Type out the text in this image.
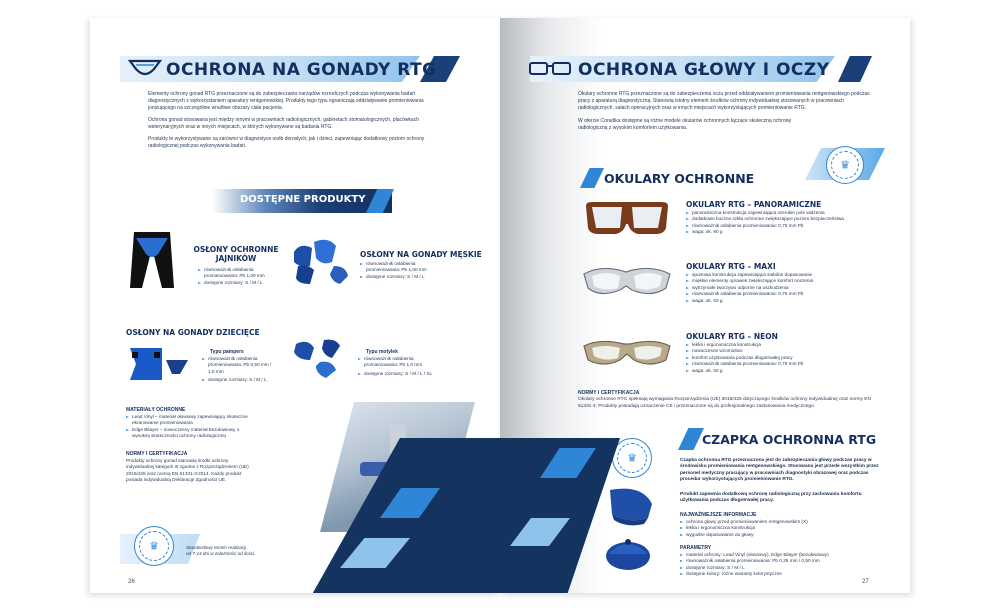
OCHRONA NA GONADY RTG
Elementy ochrony gonad RTG przeznaczone są do zabezpieczania narządów rozrodczych podczas wykonywania badań diagnostycznych z wykorzystaniem aparatury rentgenowskiej. Produkty tego typu ograniczają oddziaływanie promieniowania jonizującego na szczególnie wrażliwe obszary ciała pacjenta.
Ochrona gonad stosowana jest między innymi w pracowniach radiologicznych, gabinetach stomatologicznych, placówkach weterynaryjnych oraz w innych miejscach, w których wykonywane są badania RTG.
Produkty te wykorzystywane są zarówno w diagnostyce osób dorosłych, jak i dzieci, zapewniając dodatkowy poziom ochrony radiologicznej podczas wykonywania badań.
DOSTĘPNE PRODUKTY
OSŁONY OCHRONNE
JAJNIKÓW
równoważnik osłabienia promieniowania: Pb 1,00 mm
dostępne rozmiary: S / M / L
OSŁONY NA GONADY MĘSKIE
równoważnik osłabienia promieniowania: Pb 1,00 mm
dostępne rozmiary: S / M / L
OSŁONY NA GONADY DZIECIĘCE
Typu pampers
równoważnik osłabienia promieniowania: Pb 0,50 mm / 1,0 mm
dostępne rozmiary: S / M / L
Typu motylek
równoważnik osłabienia promieniowania: Pb 1,0 mm
dostępne rozmiary: S / M / L / XL
MATERIAŁY OCHRONNE
Lead Vinyl – materiał ołowiowy zapewniający skuteczne ekranowanie promieniowania
Edge Bilayer – nowoczesny materiał bezołowiowy o wysokiej skuteczności ochrony radiologicznej
NORMY I CERTYFIKACJA
Produkty ochrony gonad stanowią środki ochrony indywidualnej kategorii III zgodne z Rozporządzeniem (UE) 2016/425 oraz normą EN 61331-3:2014. Każdy produkt posiada indywidualną Deklarację Zgodności UE.
♛	Standardowy termin realizacji
od 7-14 dni w zależności od ilości.
26
OCHRONA GŁOWY I OCZY
Okulary ochronne RTG przeznaczone są do zabezpieczenia oczu przed oddziaływaniem promieniowania rentgenowskiego podczas pracy z aparaturą diagnostyczną. Stanowią istotny element środków ochrony indywidualnej stosowanych w pracowniach radiologicznych, salach operacyjnych oraz w innych miejscach wykorzystujących promieniowanie RTG.
W ofercie Coradika dostępne są różne modele okularów ochronnych łączące skuteczną ochronę radiologiczną z wysokim komfortem użytkowania.
♛
OKULARY OCHRONNE
OKULARY RTG – PANORAMICZNE
panoramiczna konstrukcja zapewniająca szerokie pole widzenia
dodatkowe boczne szkła ochronne zwiększające poziom bezpieczeństwa
równoważnik osłabienia promieniowania: 0,75 mm Pb
waga: ok. 90 g
OKULARY RTG – MAXI
sportowa konstrukcja zapewniająca stabilne dopasowanie
miękkie elementy oprawek zwiększające komfort noszenia
wytrzymałe tworzywo odporne na uszkodzenia
równoważnik osłabienia promieniowania: 0,75 mm Pb
waga: ok. 63 g
OKULARY RTG – NEON
lekka i ergonomiczna konstrukcja
nowoczesne wzornictwo
komfort użytkowania podczas długotrwałej pracy
równoważnik osłabienia promieniowania: 0,75 mm Pb
waga: ok. 60 g
NORMY I CERTYFIKACJA
Okulary ochronne RTG spełniają wymagania Rozporządzenia (UE) 2016/425 dotyczącego środków ochrony indywidualnej oraz normy EN 61331-3. Produkty posiadają oznaczenie CE i przeznaczone są do profesjonalnego zastosowania medycznego.
CZAPKA OCHRONNA RTG
♛	Czapka ochronna RTG przeznaczona jest do zabezpieczania głowy podczas pracy w środowisku promieniowania rentgenowskiego. Stosowana jest przede wszystkim przez personel medyczny pracujący w pracowniach diagnostyki obrazowej oraz podczas procedur wykorzystujących promieniowanie RTG.
Produkt zapewnia dodatkową ochronę radiologiczną przy zachowaniu komfortu użytkowania podczas długotrwałej pracy.
NAJWAŻNIEJSZE INFORMACJE
ochrona głowy przed promieniowaniem rentgenowskim (X)
lekka i ergonomiczna konstrukcja
wygodne dopasowanie do głowy
PARAMETRY
materiał ochrony: Lead Vinyl (ołowiowy), Edge Bilayer (bezołowiowy)
równoważnik osłabienia promieniowania: Pb 0,25 mm / 0,50 mm
dostępne rozmiary: S / M / L
dostępne kolory: różne warianty kolorystyczne
27
